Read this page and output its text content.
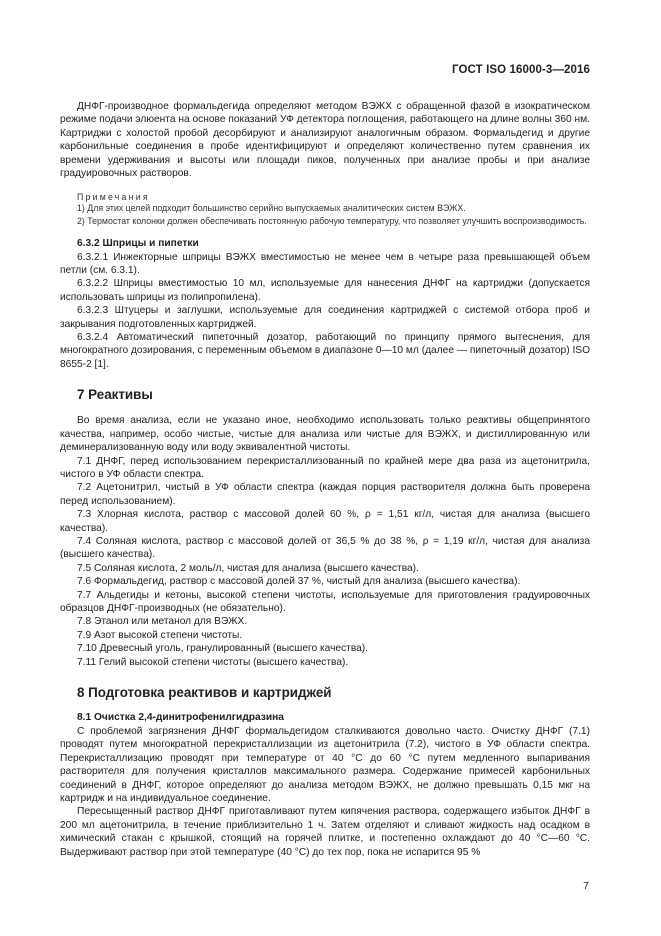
ГОСТ ISO 16000-3—2016

ДНФГ-производное формальдегида определяют методом ВЭЖХ с обращенной фазой в изократическом режиме подачи элюента на основе показаний УФ детектора поглощения, работающего на длине волны 360 нм. Картриджи с холостой пробой десорбируют и анализируют аналогичным образом. Формальдегид и другие карбонильные соединения в пробе идентифицируют и определяют количественно путем сравнения их времени удерживания и высоты или площади пиков, полученных при анализе пробы и при анализе градуировочных растворов.

Примечания

1) Для этих целей подходит большинство серийно выпускаемых аналитических систем ВЭЖХ.

2) Термостат колонки должен обеспечивать постоянную рабочую температуру, что позволяет улучшить воспроизводимость.

6.3.2 Шприцы и пипетки

6.3.2.1 Инжекторные шприцы ВЭЖХ вместимостью не менее чем в четыре раза превышающей объем петли (см. 6.3.1).

6.3.2.2 Шприцы вместимостью 10 мл, используемые для нанесения ДНФГ на картриджи (допускается использовать шприцы из полипропилена).

6.3.2.3 Штуцеры и заглушки, используемые для соединения картриджей с системой отбора проб и закрывания подготовленных картриджей.

6.3.2.4 Автоматический пипеточный дозатор, работающий по принципу прямого вытеснения, для многократного дозирования, с переменным объемом в диапазоне 0—10 мл (далее — пипеточный дозатор) ISO 8655-2 [1].

7 Реактивы

Во время анализа, если не указано иное, необходимо использовать только реактивы общепринятого качества, например, особо чистые, чистые для анализа или чистые для ВЭЖХ, и дистиллированную или деминерализованную воду или воду эквивалентной чистоты.

7.1 ДНФГ, перед использованием перекристаллизованный по крайней мере два раза из ацетонитрила, чистого в УФ области спектра.

7.2 Ацетонитрил, чистый в УФ области спектра (каждая порция растворителя должна быть проверена перед использованием).

7.3 Хлорная кислота, раствор с массовой долей 60 %, ρ = 1,51 кг/л, чистая для анализа (высшего качества).

7.4 Соляная кислота, раствор с массовой долей от 36,5 % до 38 %, ρ = 1,19 кг/л, чистая для анализа (высшего качества).

7.5 Соляная кислота, 2 моль/л, чистая для анализа (высшего качества).

7.6 Формальдегид, раствор с массовой долей 37 %, чистый для анализа (высшего качества).

7.7 Альдегиды и кетоны, высокой степени чистоты, используемые для приготовления градуировочных образцов ДНФГ-производных (не обязательно).

7.8 Этанол или метанол для ВЭЖХ.

7.9 Азот высокой степени чистоты.

7.10 Древесный уголь, гранулированный (высшего качества).

7.11 Гелий высокой степени чистоты (высшего качества).

8 Подготовка реактивов и картриджей
8.1 Очистка 2,4-динитрофенилгидразина

С проблемой загрязнения ДНФГ формальдегидом сталкиваются довольно часто. Очистку ДНФГ (7.1) проводят путем многократной перекристаллизации из ацетонитрила (7.2), чистого в УФ области спектра. Перекристаллизацию проводят при температуре от 40 °С до 60 °С путем медленного выпаривания растворителя для получения кристаллов максимального размера. Содержание примесей карбонильных соединений в ДНФГ, которое определяют до анализа методом ВЭЖХ, не должно превышать 0,15 мкг на картридж и на индивидуальное соединение.

Пересыщенный раствор ДНФГ приготавливают путем кипячения раствора, содержащего избыток ДНФГ в 200 мл ацетонитрила, в течение приблизительно 1 ч. Затем отделяют и сливают жидкость над осадком в химический стакан с крышкой, стоящий на горячей плитке, и постепенно охлаждают до 40 °С—60 °С. Выдерживают раствор при этой температуре (40 °С) до тех пор, пока не испарится 95 %

7
